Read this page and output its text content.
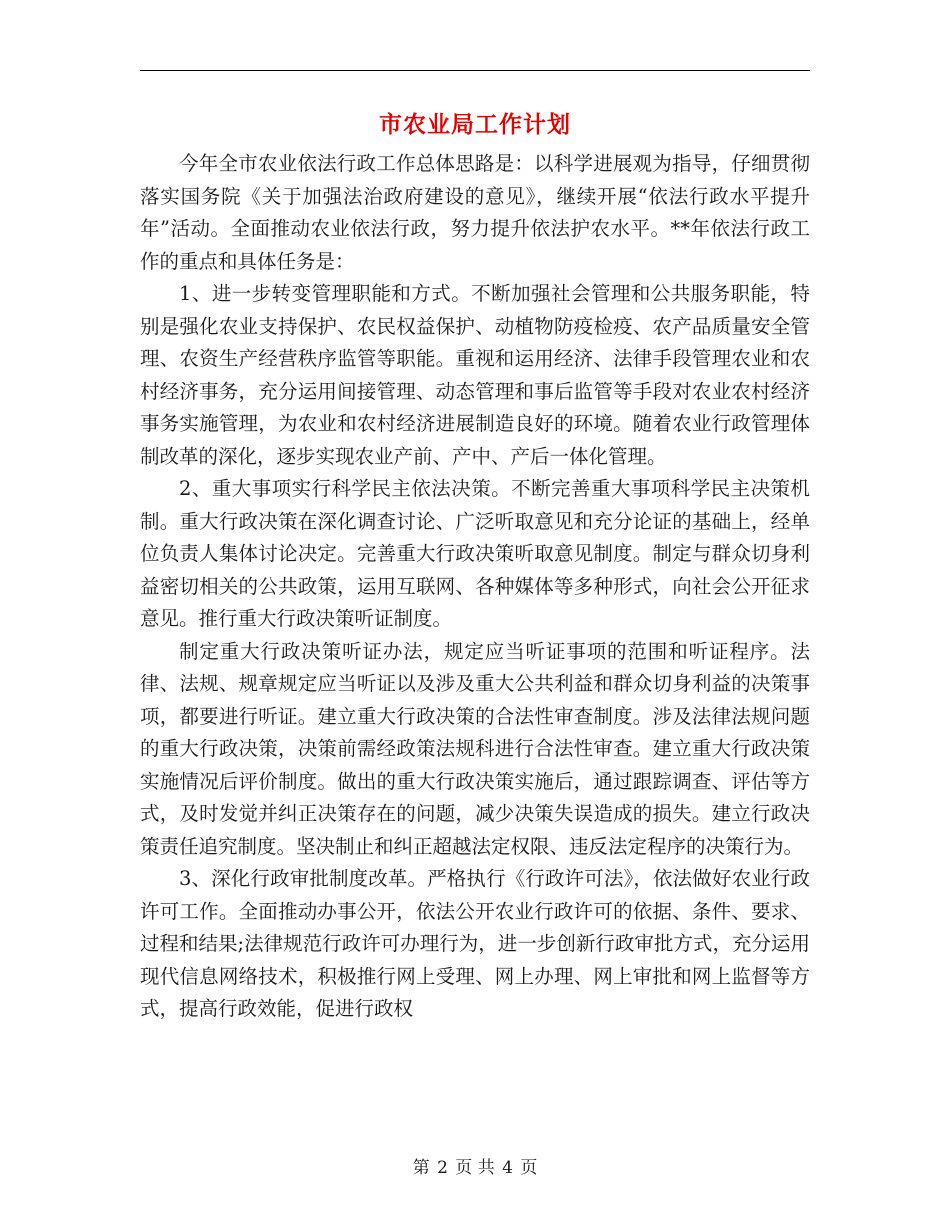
市农业局工作计划

今年全市农业依法行政工作总体思路是：以科学进展观为指导，仔细贯彻落实国务院《关于加强法治政府建设的意见》，继续开展“依法行政水平提升年”活动。全面推动农业依法行政，努力提升依法护农水平。**年依法行政工作的重点和具体任务是：

1、进一步转变管理职能和方式。不断加强社会管理和公共服务职能，特别是强化农业支持保护、农民权益保护、动植物防疫检疫、农产品质量安全管理、农资生产经营秩序监管等职能。重视和运用经济、法律手段管理农业和农村经济事务，充分运用间接管理、动态管理和事后监管等手段对农业农村经济事务实施管理，为农业和农村经济进展制造良好的环境。随着农业行政管理体制改革的深化，逐步实现农业产前、产中、产后一体化管理。

2、重大事项实行科学民主依法决策。不断完善重大事项科学民主决策机制。重大行政决策在深化调查讨论、广泛听取意见和充分论证的基础上，经单位负责人集体讨论决定。完善重大行政决策听取意见制度。制定与群众切身利益密切相关的公共政策，运用互联网、各种媒体等多种形式，向社会公开征求意见。推行重大行政决策听证制度。

制定重大行政决策听证办法，规定应当听证事项的范围和听证程序。法律、法规、规章规定应当听证以及涉及重大公共利益和群众切身利益的决策事项，都要进行听证。建立重大行政决策的合法性审查制度。涉及法律法规问题的重大行政决策，决策前需经政策法规科进行合法性审查。建立重大行政决策实施情况后评价制度。做出的重大行政决策实施后，通过跟踪调查、评估等方式，及时发觉并纠正决策存在的问题，减少决策失误造成的损失。建立行政决策责任追究制度。坚决制止和纠正超越法定权限、违反法定程序的决策行为。

3、深化行政审批制度改革。严格执行《行政许可法》，依法做好农业行政许可工作。全面推动办事公开，依法公开农业行政许可的依据、条件、要求、过程和结果;法律规范行政许可办理行为，进一步创新行政审批方式，充分运用现代信息网络技术，积极推行网上受理、网上办理、网上审批和网上监督等方式，提高行政效能，促进行政权

第 2 页 共 4 页
